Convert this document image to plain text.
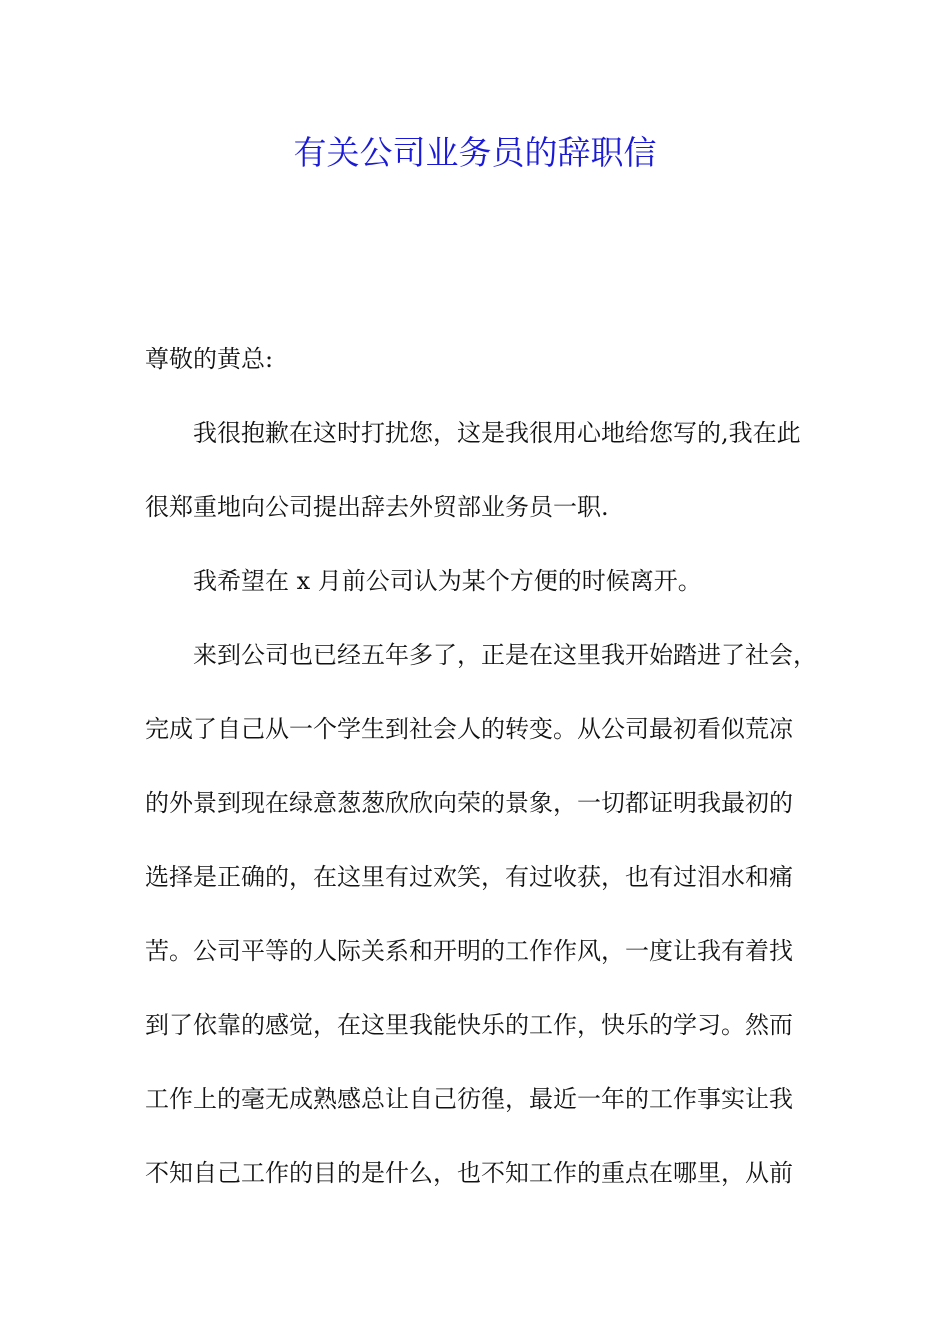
有关公司业务员的辞职信
尊敬的黄总:
我很抱歉在这时打扰您，这是我很用心地给您写的,我在此
很郑重地向公司提出辞去外贸部业务员一职.
我希望在 x 月前公司认为某个方便的时候离开。
来到公司也已经五年多了，正是在这里我开始踏进了社会，
完成了自己从一个学生到社会人的转变。从公司最初看似荒凉
的外景到现在绿意葱葱欣欣向荣的景象，一切都证明我最初的
选择是正确的，在这里有过欢笑，有过收获，也有过泪水和痛
苦。公司平等的人际关系和开明的工作作风，一度让我有着找
到了依靠的感觉，在这里我能快乐的工作，快乐的学习。然而
工作上的毫无成熟感总让自己彷徨，最近一年的工作事实让我
不知自己工作的目的是什么，也不知工作的重点在哪里，从前
